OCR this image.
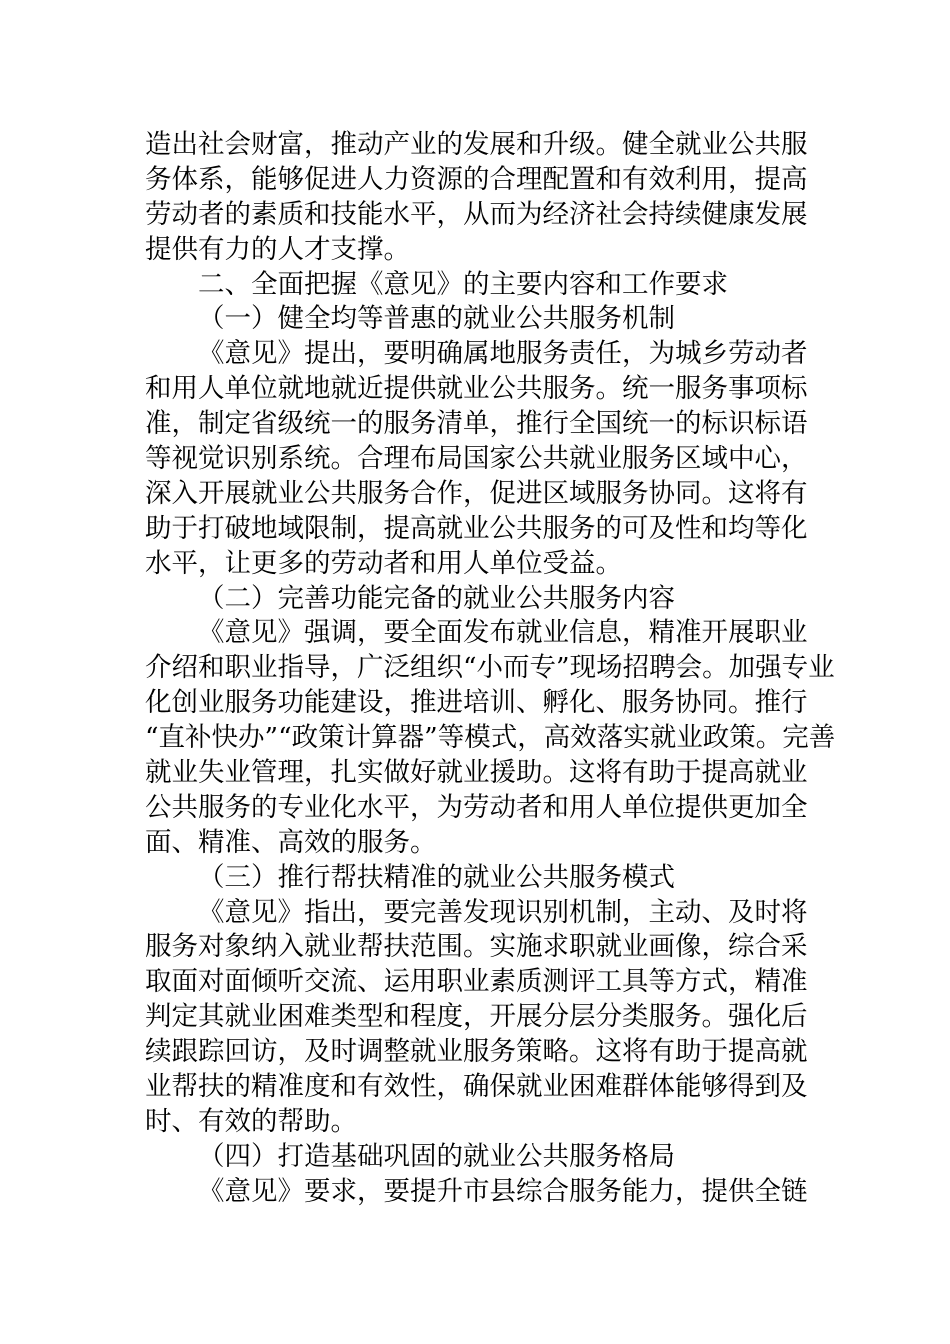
造出社会财富，推动产业的发展和升级。健全就业公共服
务体系，能够促进人力资源的合理配置和有效利用，提高
劳动者的素质和技能水平，从而为经济社会持续健康发展
提供有力的人才支撑。
二、全面把握《意见》的主要内容和工作要求
（一）健全均等普惠的就业公共服务机制
《意见》提出，要明确属地服务责任，为城乡劳动者
和用人单位就地就近提供就业公共服务。统一服务事项标
准，制定省级统一的服务清单，推行全国统一的标识标语
等视觉识别系统。合理布局国家公共就业服务区域中心，
深入开展就业公共服务合作，促进区域服务协同。这将有
助于打破地域限制，提高就业公共服务的可及性和均等化
水平，让更多的劳动者和用人单位受益。
（二）完善功能完备的就业公共服务内容
《意见》强调，要全面发布就业信息，精准开展职业
介绍和职业指导，广泛组织“小而专”现场招聘会。加强专业
化创业服务功能建设，推进培训、孵化、服务协同。推行
“直补快办”“政策计算器”等模式，高效落实就业政策。完善
就业失业管理，扎实做好就业援助。这将有助于提高就业
公共服务的专业化水平，为劳动者和用人单位提供更加全
面、精准、高效的服务。
（三）推行帮扶精准的就业公共服务模式
《意见》指出，要完善发现识别机制，主动、及时将
服务对象纳入就业帮扶范围。实施求职就业画像，综合采
取面对面倾听交流、运用职业素质测评工具等方式，精准
判定其就业困难类型和程度，开展分层分类服务。强化后
续跟踪回访，及时调整就业服务策略。这将有助于提高就
业帮扶的精准度和有效性，确保就业困难群体能够得到及
时、有效的帮助。
（四）打造基础巩固的就业公共服务格局
《意见》要求，要提升市县综合服务能力，提供全链
